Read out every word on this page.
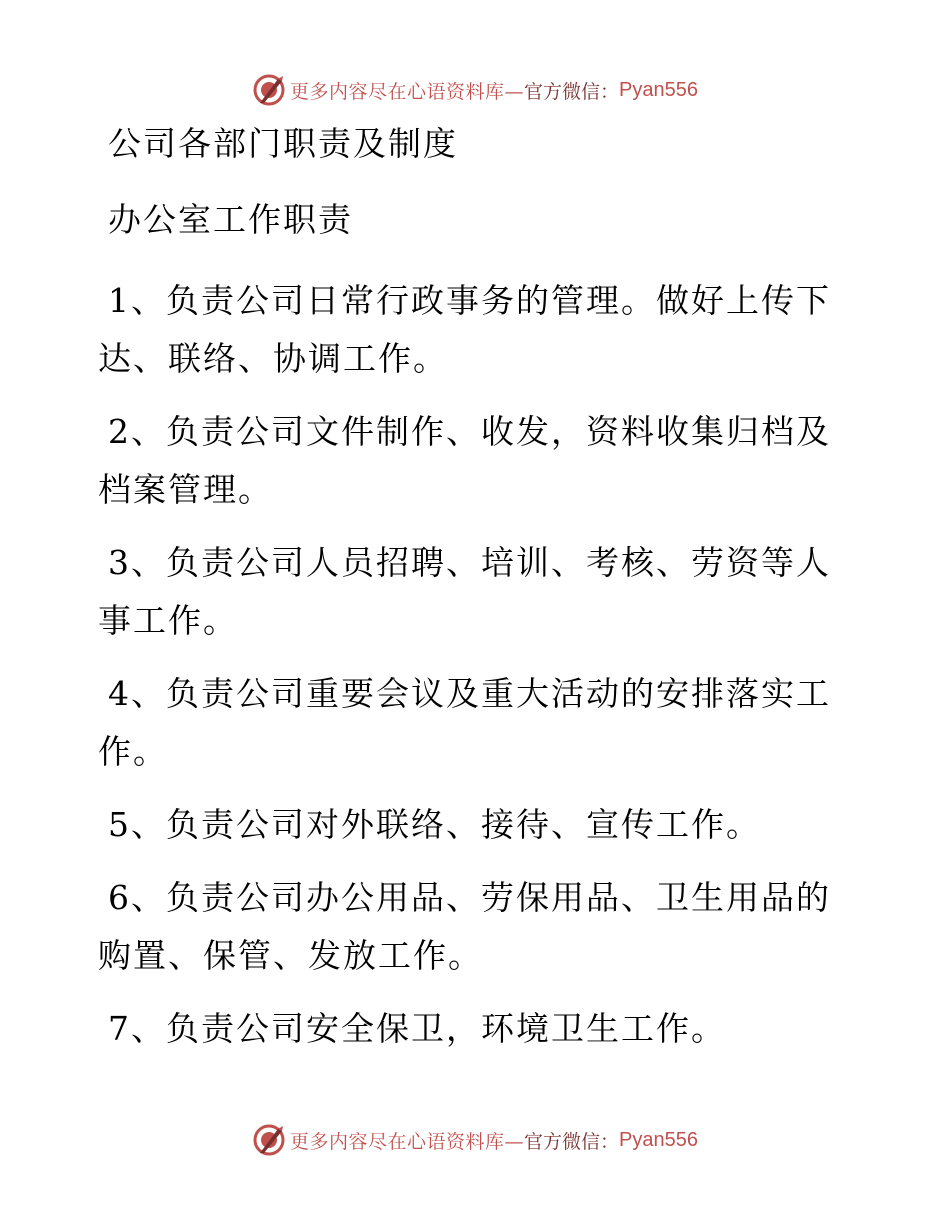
更多内容尽在心语资料库— 官方微信： Pyan556
公司各部门职责及制度
办公室工作职责
1、负责公司日常行政事务的管理。做好上传下达、联络、协调工作。
2、负责公司文件制作、收发，资料收集归档及档案管理。
3、负责公司人员招聘、培训、考核、劳资等人事工作。
4、负责公司重要会议及重大活动的安排落实工作。
5、负责公司对外联络、接待、宣传工作。
6、负责公司办公用品、劳保用品、卫生用品的购置、保管、发放工作。
7、负责公司安全保卫，环境卫生工作。
更多内容尽在心语资料库— 官方微信： Pyan556
